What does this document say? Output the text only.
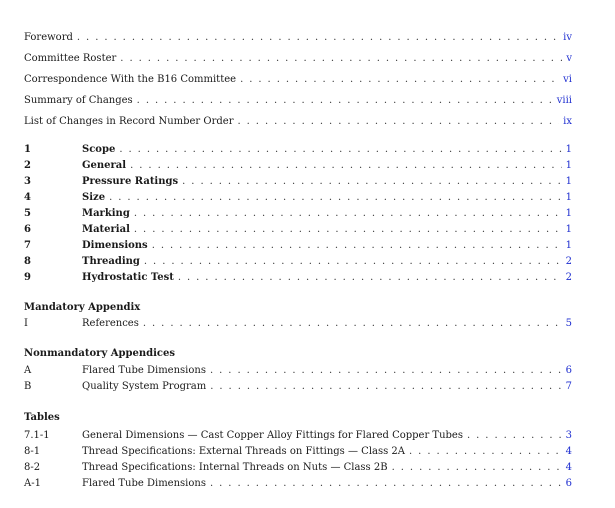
Foreword . . .	iv
Committee Roster . . .	v
Correspondence With the B16 Committee . . .	vi
Summary of Changes . . .	viii
List of Changes in Record Number Order . . .	ix
1	Scope . . .	1
2	General . . .	1
3	Pressure Ratings . . .	1
4	Size . . .	1
5	Marking . . .	1
6	Material . . .	1
7	Dimensions . . .	1
8	Threading . . .	2
9	Hydrostatic Test . . .	2
Mandatory Appendix
I	References . . .	5
Nonmandatory Appendices
A	Flared Tube Dimensions . . .	6
B	Quality System Program . . .	7
Tables
7.1-1	General Dimensions — Cast Copper Alloy Fittings for Flared Copper Tubes . . .	3
8-1	Thread Specifications: External Threads on Fittings — Class 2A . . .	4
8-2	Thread Specifications: Internal Threads on Nuts — Class 2B . . .	4
A-1	Flared Tube Dimensions . . .	6
